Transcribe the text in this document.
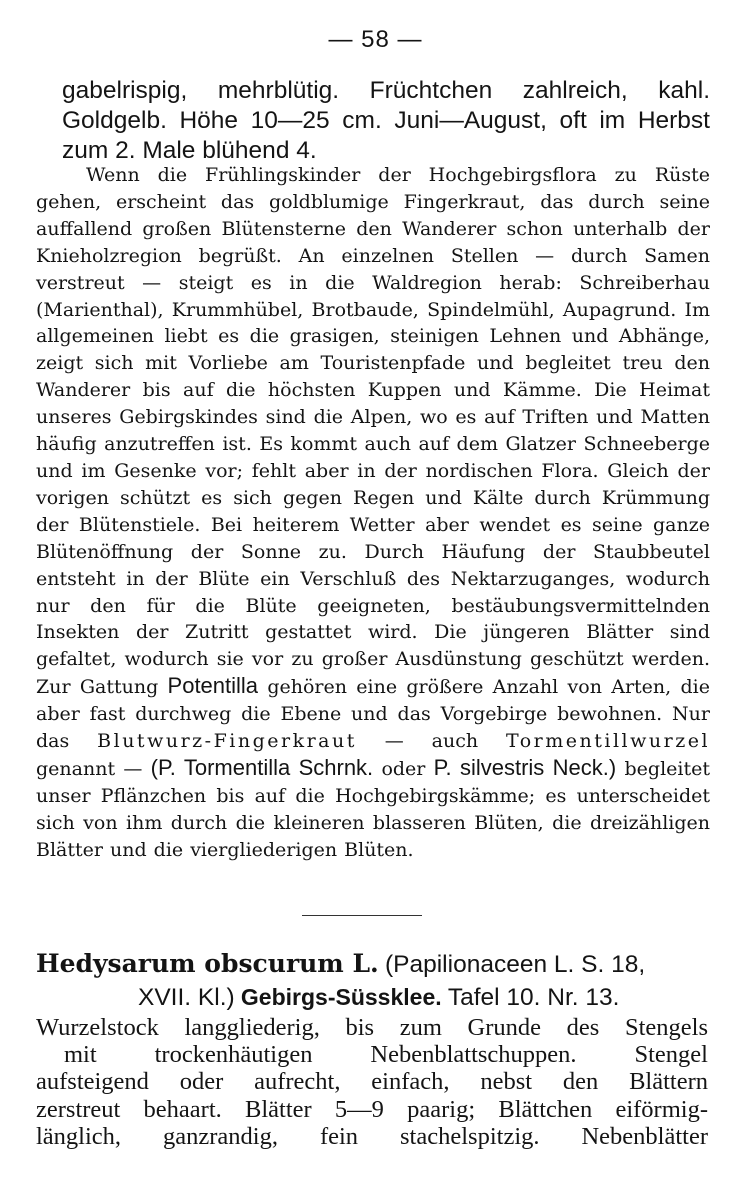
— 58 —
gabelrispig, mehrblütig. Früchtchen zahlreich, kahl. Goldgelb. Höhe 10—25 cm. Juni—August, oft im Herbst zum 2. Male blühend 4.
Wenn die Frühlingskinder der Hochgebirgsflora zu Rüste gehen, erscheint das goldblumige Fingerkraut, das durch seine auffallend großen Blütensterne den Wanderer schon unterhalb der Knieholzregion begrüßt. An einzelnen Stellen — durch Samen verstreut — steigt es in die Waldregion herab: Schreiberhau (Marienthal), Krummhübel, Brotbaude, Spindelmühl, Aupagrund. Im allgemeinen liebt es die grasigen, steinigen Lehnen und Abhänge, zeigt sich mit Vorliebe am Touristenpfade und begleitet treu den Wanderer bis auf die höchsten Kuppen und Kämme. Die Heimat unseres Gebirgskindes sind die Alpen, wo es auf Triften und Matten häufig anzutreffen ist. Es kommt auch auf dem Glatzer Schneeberge und im Gesenke vor; fehlt aber in der nordischen Flora. Gleich der vorigen schützt es sich gegen Regen und Kälte durch Krümmung der Blütenstiele. Bei heiterem Wetter aber wendet es seine ganze Blütenöffnung der Sonne zu. Durch Häufung der Staubbeutel entsteht in der Blüte ein Verschluß des Nektarzuganges, wodurch nur den für die Blüte geeigneten, bestäubungsvermittelnden Insekten der Zutritt gestattet wird. Die jüngeren Blätter sind gefaltet, wodurch sie vor zu großer Ausdünstung geschützt werden. Zur Gattung Potentilla gehören eine größere Anzahl von Arten, die aber fast durchweg die Ebene und das Vorgebirge bewohnen. Nur das Blutwurz-Fingerkraut — auch Tormentillwurzel genannt — (P. Tormentilla Schrnk. oder P. silvestris Neck.) begleitet unser Pflänzchen bis auf die Hochgebirgskämme; es unterscheidet sich von ihm durch die kleineren blasseren Blüten, die dreizähligen Blätter und die viergliederigen Blüten.
Hedysarum obscurum L. (Papilionaceen L. S. 18,
XVII. Kl.) Gebirgs-Süssklee. Tafel 10. Nr. 13.
Wurzelstock langgliederig, bis zum Grunde des Stengels
mit trockenhäutigen Nebenblattschuppen. Stengel
aufsteigend oder aufrecht, einfach, nebst den Blättern
zerstreut behaart. Blätter 5—9 paarig; Blättchen eiförmig-
länglich, ganzrandig, fein stachelspitzig. Nebenblätter
